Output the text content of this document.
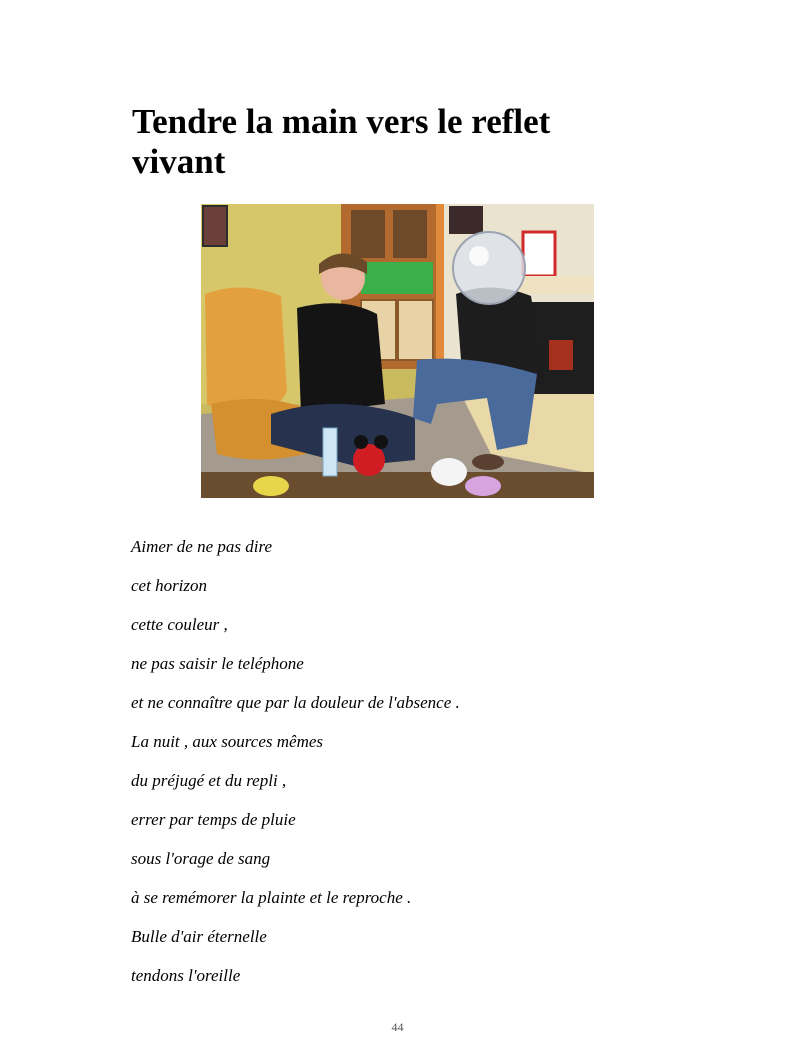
Tendre la main vers le reflet vivant
Aimer de ne pas dire
cet horizon
cette couleur ,
ne pas saisir le teléphone
et ne connaître que par la douleur de l'absence .
La nuit , aux sources mêmes
du préjugé et du repli ,
errer par temps de pluie
sous l'orage de sang
à se remémorer la plainte et le reproche .
Bulle d'air éternelle
tendons l'oreille
44
